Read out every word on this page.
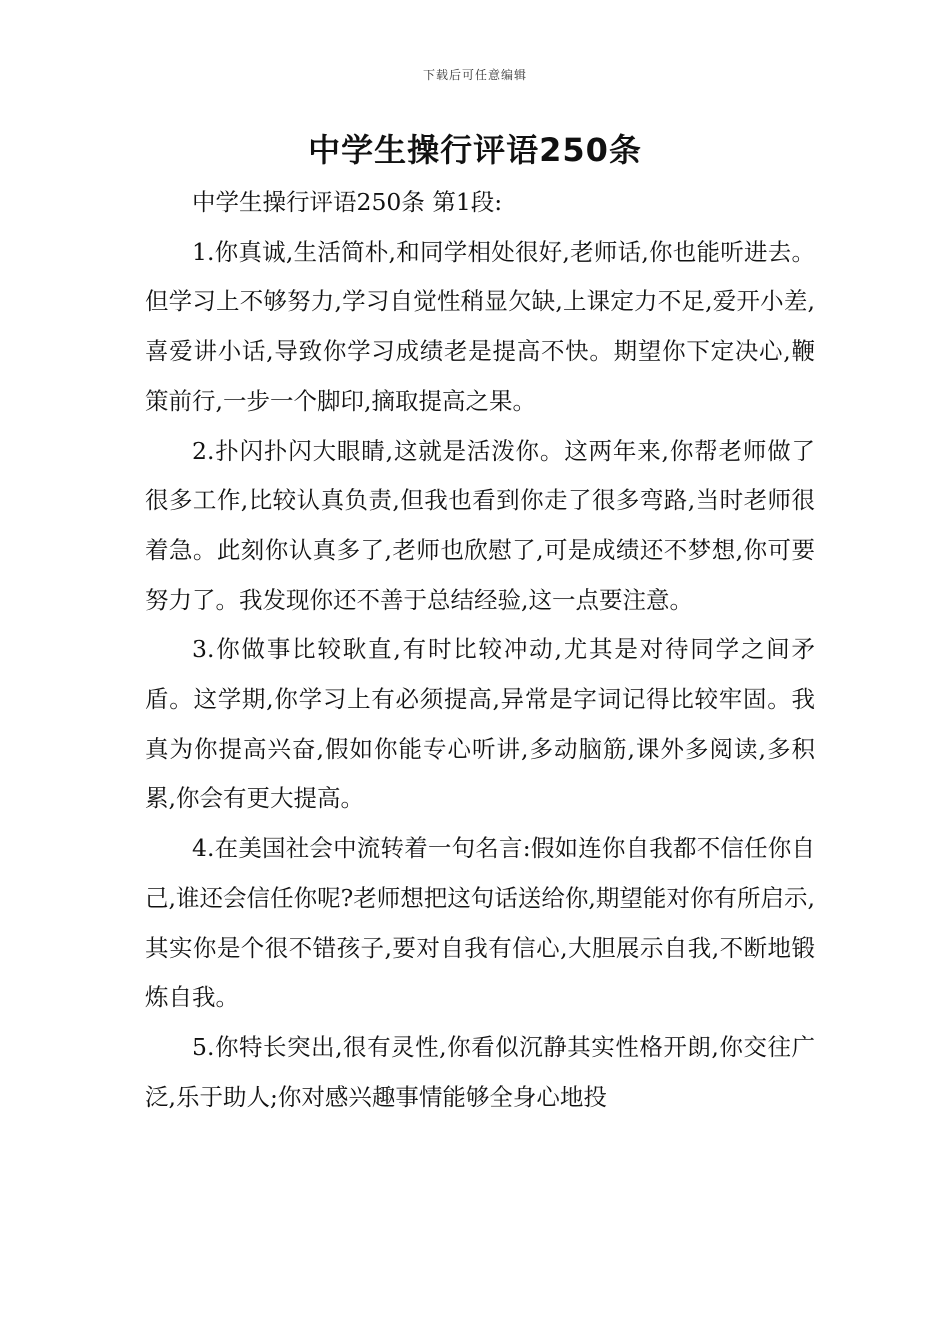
下载后可任意编辑
中学生操行评语250条

中学生操行评语250条 第1段:

1.你真诚,生活简朴,和同学相处很好,老师话,你也能听进去。但学习上不够努力,学习自觉性稍显欠缺,上课定力不足,爱开小差,喜爱讲小话,导致你学习成绩老是提高不快。期望你下定决心,鞭策前行,一步一个脚印,摘取提高之果。

2.扑闪扑闪大眼睛,这就是活泼你。这两年来,你帮老师做了很多工作,比较认真负责,但我也看到你走了很多弯路,当时老师很着急。此刻你认真多了,老师也欣慰了,可是成绩还不梦想,你可要努力了。我发现你还不善于总结经验,这一点要注意。

3.你做事比较耿直,有时比较冲动,尤其是对待同学之间矛盾。这学期,你学习上有必须提高,异常是字词记得比较牢固。我真为你提高兴奋,假如你能专心听讲,多动脑筋,课外多阅读,多积累,你会有更大提高。

4.在美国社会中流转着一句名言:假如连你自我都不信任你自己,谁还会信任你呢?老师想把这句话送给你,期望能对你有所启示,其实你是个很不错孩子,要对自我有信心,大胆展示自我,不断地锻炼自我。

5.你特长突出,很有灵性,你看似沉静其实性格开朗,你交往广泛,乐于助人;你对感兴趣事情能够全身心地投
